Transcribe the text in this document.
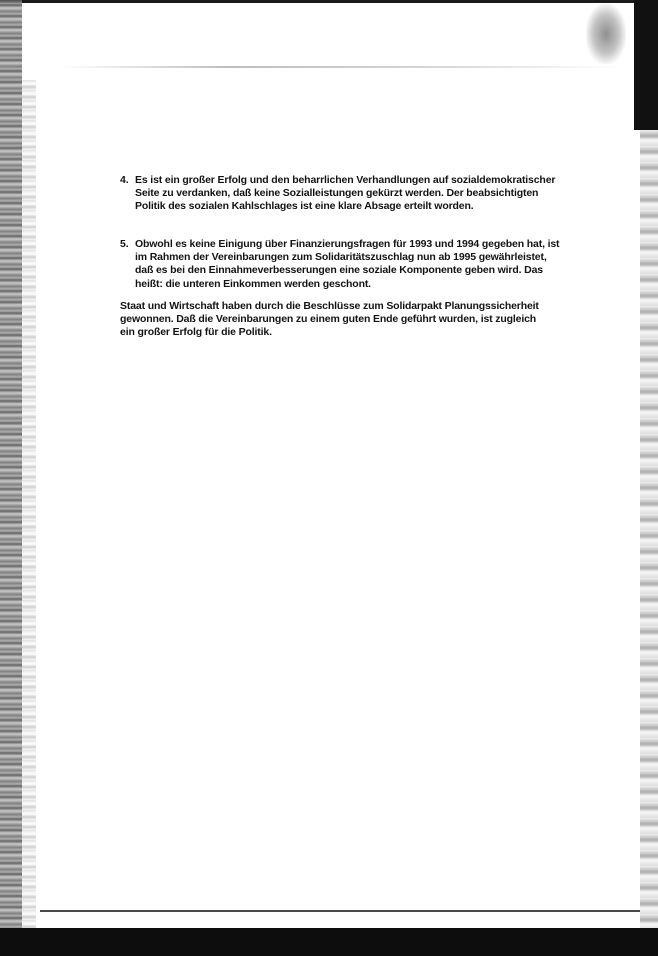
4. Es ist ein großer Erfolg und den beharrlichen Verhandlungen auf sozialdemokratischer Seite zu verdanken, daß keine Sozialleistungen gekürzt werden. Der beabsichtigten Politik des sozialen Kahlschlages ist eine klare Absage erteilt worden.
5. Obwohl es keine Einigung über Finanzierungsfragen für 1993 und 1994 gegeben hat, ist im Rahmen der Vereinbarungen zum Solidaritätszuschlag nun ab 1995 gewährleistet, daß es bei den Einnahmeverbesserungen eine soziale Komponente geben wird. Das heißt: die unteren Einkommen werden geschont.

Staat und Wirtschaft haben durch die Beschlüsse zum Solidarpakt Planungssicherheit gewonnen. Daß die Vereinbarungen zu einem guten Ende geführt wurden, ist zugleich ein großer Erfolg für die Politik.
